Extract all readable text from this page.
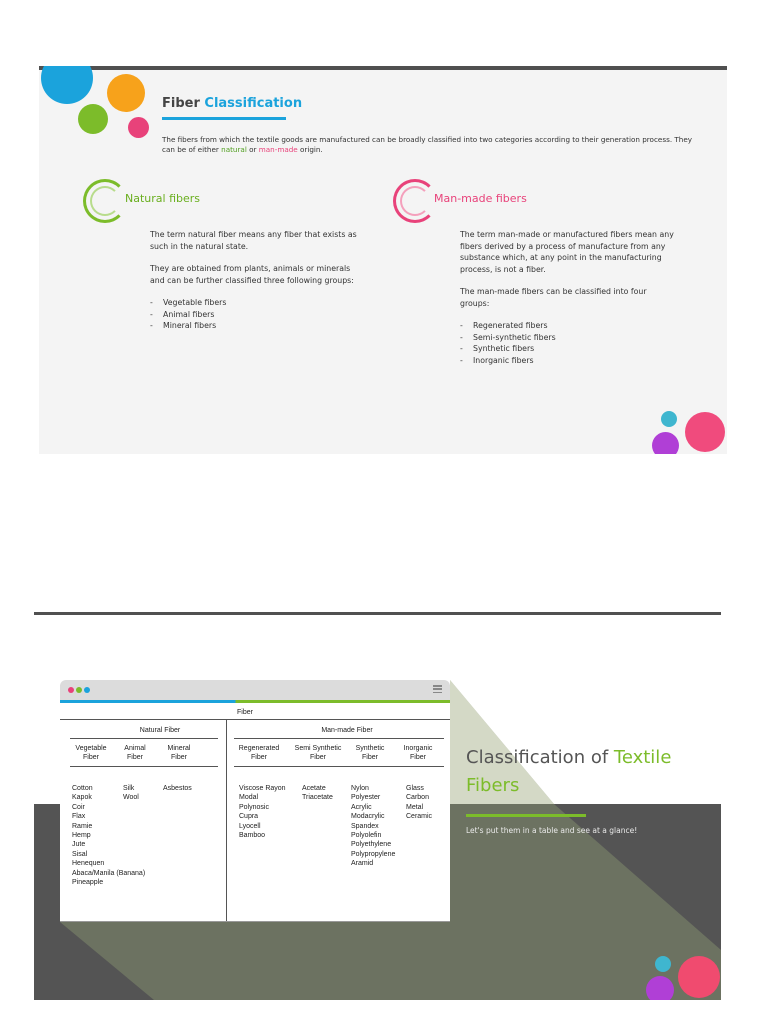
Fiber Classification
The fibers from which the textile goods are manufactured can be broadly classified into two categories according to their generation process. They can be of either natural or man-made origin.
Natural fibers

The term natural fiber means any fiber that exists as such in the natural state.

They are obtained from plants, animals or minerals and can be further classified three following groups:

- Vegetable fibers
- Animal fibers
- Mineral fibers
Man-made fibers

The term man-made or manufactured fibers mean any fibers derived by a process of manufacture from any substance which, at any point in the manufacturing process, is not a fiber.

The man-made fibers can be classified into four groups:

- Regenerated fibers
- Semi-synthetic fibers
- Synthetic fibers
- Inorganic fibers
Classification of Textile Fibers
Let's put them in a table and see at a glance!
Fiber
Natural Fiber	Man-made Fiber
Vegetable
Fiber
Animal
Fiber
Mineral
Fiber
Regenerated
Fiber
Semi Synthetic
Fiber
Synthetic
Fiber
Inorganic
Fiber
Cotton
Kapok
Coir
Flax
Ramie
Hemp
Jute
Sisal
Henequen
Abaca/Manila (Banana)
Pineapple
Silk
Wool
Asbestos	Viscose Rayon
Modal
Polynosic
Cupra
Lyocell
Bamboo
Acetate
Triacetate
Nylon
Polyester
Acrylic
Modacrylic
Spandex
Polyolefin
Polyethylene
Polypropylene
Aramid
Glass
Carbon
Metal
Ceramic
